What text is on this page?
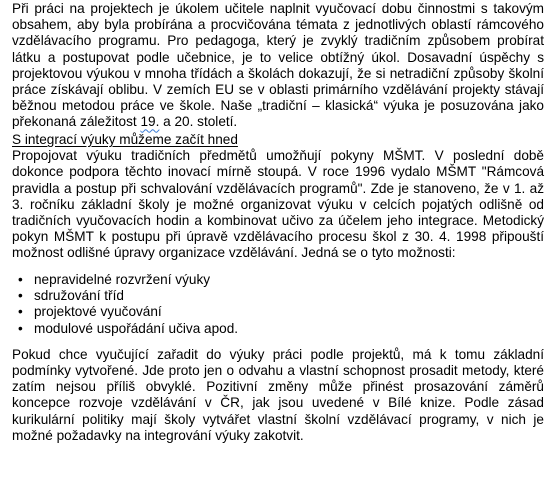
Při práci na projektech je úkolem učitele naplnit vyučovací dobu činnostmi s takovým obsahem, aby byla probírána a procvičována témata z jednotlivých oblastí rámcového vzdělávacího programu. Pro pedagoga, který je zvyklý tradičním způsobem probírat látku a postupovat podle učebnice, je to velice obtížný úkol. Dosavadní úspěchy s projektovou výukou v mnoha třídách a školách dokazují, že si netradiční způsoby školní práce získávají oblibu. V zemích EU se v oblasti primárního vzdělávání projekty stávají běžnou metodou práce ve škole. Naše „tradiční – klasická“ výuka je posuzována jako překonaná záležitost 19. a 20. století.

S integrací výuky můžeme začít hned

Propojovat výuku tradičních předmětů umožňují pokyny MŠMT. V poslední době dokonce podpora těchto inovací mírně stoupá. V roce 1996 vydalo MŠMT "Rámcová pravidla a postup při schvalování vzdělávacích programů". Zde je stanoveno, že v 1. až 3. ročníku základní školy je možné organizovat výuku v celcích pojatých odlišně od tradičních vyučovacích hodin a kombinovat učivo za účelem jeho integrace. Metodický pokyn MŠMT k postupu při úpravě vzdělávacího procesu škol z 30. 4. 1998 připouští možnost odlišné úpravy organizace vzdělávání. Jedná se o tyto možnosti:

• nepravidelné rozvržení výuky
• sdružování tříd
• projektové vyučování
• modulové uspořádání učiva apod.

Pokud chce vyučující zařadit do výuky práci podle projektů, má k tomu základní podmínky vytvořené. Jde proto jen o odvahu a vlastní schopnost prosadit metody, které zatím nejsou příliš obvyklé. Pozitivní změny může přinést prosazování záměrů koncepce rozvoje vzdělávání v ČR, jak jsou uvedené v Bílé knize. Podle zásad kurikulární politiky mají školy vytvářet vlastní školní vzdělávací programy, v nich je možné požadavky na integrování výuky zakotvit.
